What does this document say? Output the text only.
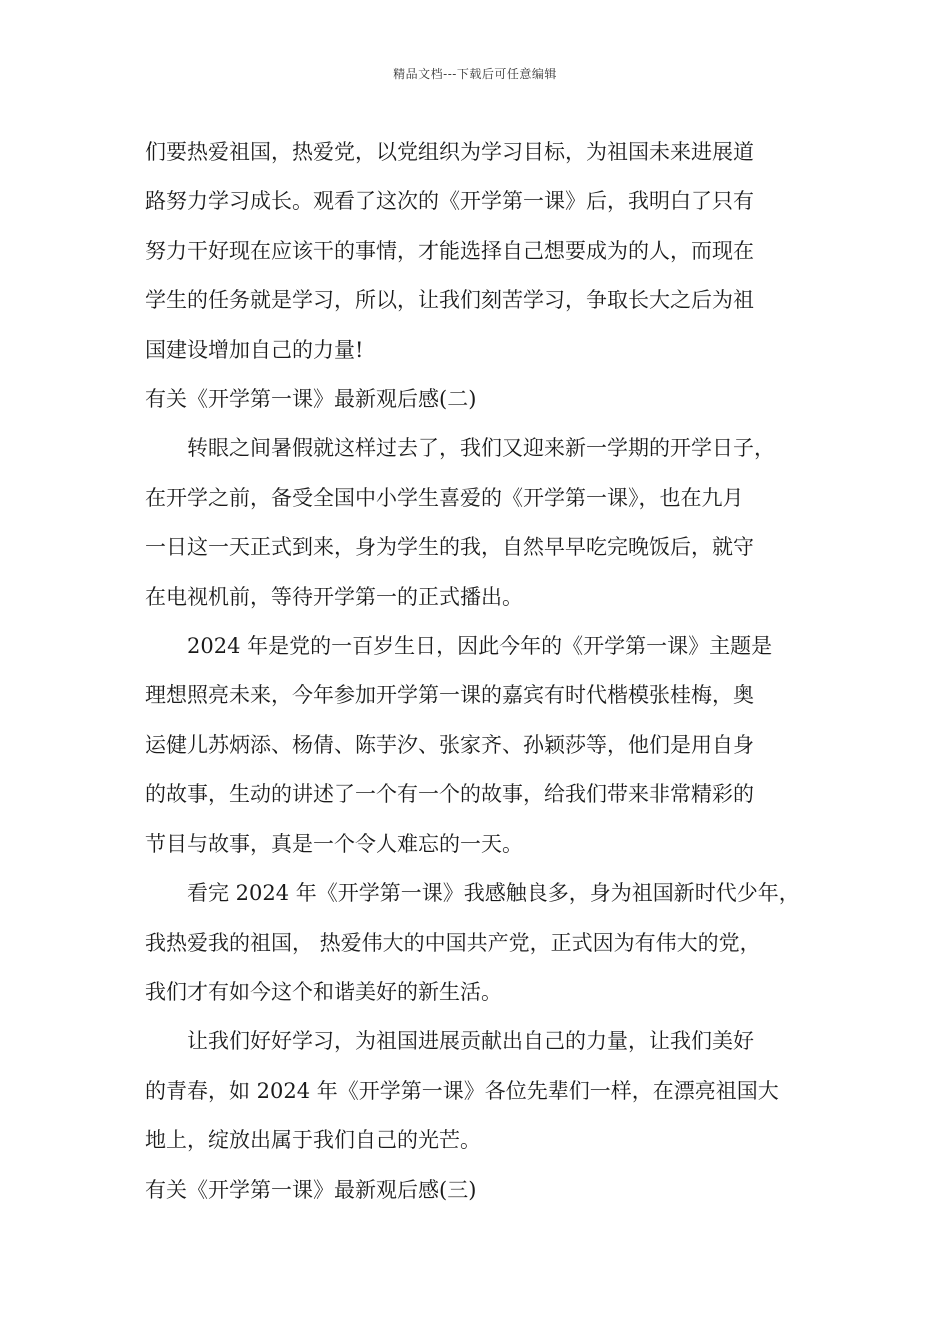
精品文档---下载后可任意编辑

们要热爱祖国，热爱党，以党组织为学习目标，为祖国未来进展道
路努力学习成长。观看了这次的《开学第一课》后，我明白了只有
努力干好现在应该干的事情，才能选择自己想要成为的人，而现在
学生的任务就是学习，所以，让我们刻苦学习，争取长大之后为祖
国建设增加自己的力量!

有关《开学第一课》最新观后感(二)

转眼之间暑假就这样过去了，我们又迎来新一学期的开学日子，
在开学之前，备受全国中小学生喜爱的《开学第一课》，也在九月
一日这一天正式到来，身为学生的我，自然早早吃完晚饭后，就守
在电视机前，等待开学第一的正式播出。

2024 年是党的一百岁生日，因此今年的《开学第一课》主题是
理想照亮未来，今年参加开学第一课的嘉宾有时代楷模张桂梅，奥
运健儿苏炳添、杨倩、陈芋汐、张家齐、孙颖莎等，他们是用自身
的故事，生动的讲述了一个有一个的故事，给我们带来非常精彩的
节目与故事，真是一个令人难忘的一天。

看完 2024 年《开学第一课》我感触良多，身为祖国新时代少年，
我热爱我的祖国， 热爱伟大的中国共产党，正式因为有伟大的党，
我们才有如今这个和谐美好的新生活。

让我们好好学习，为祖国进展贡献出自己的力量，让我们美好
的青春，如 2024 年《开学第一课》各位先辈们一样，在漂亮祖国大
地上，绽放出属于我们自己的光芒。

有关《开学第一课》最新观后感(三)
